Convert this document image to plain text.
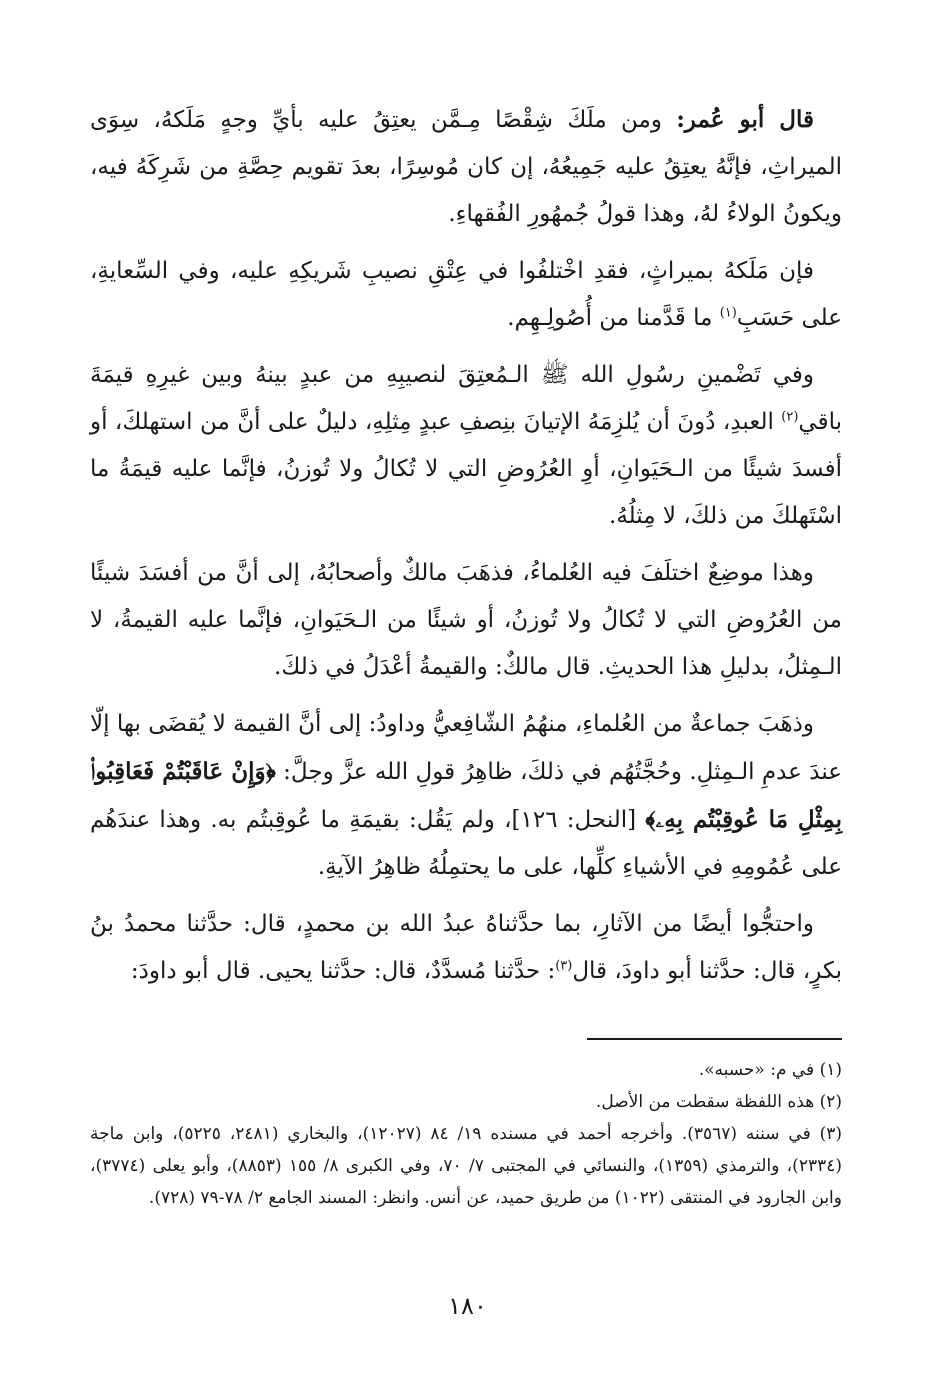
قال أبو عُمر: ومن ملَكَ شِقْصًا مِـمَّن يعتِقُ عليه بأيِّ وجهٍ مَلَكهُ، سِوَى الميراثِ، فإنَّهُ يعتِقُ عليه جَمِيعُهُ، إن كان مُوسِرًا، بعدَ تقويم حِصَّةِ من شَرِكَهُ فيه، ويكونُ الولاءُ لهُ، وهذا قولُ جُمهُورِ الفُقهاءِ.

فإن مَلَكهُ بميراثٍ، فقدِ اخْتلفُوا في عِتْقِ نصيبِ شَريكِهِ عليه، وفي السِّعايةِ، على حَسَبِ$^{(١)}$ ما قَدَّمنا من أُصُولِـهِم.

وفي تَضْمينِ رسُولِ الله ﷺ الـمُعتِقَ لنصيبِهِ من عبدٍ بينهُ وبين غيرِهِ قيمَةَ باقي$^{(٢)}$ العبدِ، دُونَ أن يُلزِمَهُ الإتيانَ بنِصفِ عبدٍ مِثلِهِ، دليلٌ على أنَّ من استهلكَ، أو أفسدَ شيئًا من الـحَيَوانِ، أوِ العُرُوضِ التي لا تُكالُ ولا تُوزنُ، فإنَّما عليه قيمَةُ ما اسْتَهلكَ من ذلكَ، لا مِثلُهُ.

وهذا موضِعٌ اختلَفَ فيه العُلماءُ، فذهَبَ مالكٌ وأصحابُهُ، إلى أنَّ من أفسَدَ شيئًا من العُرُوضِ التي لا تُكالُ ولا تُوزنُ، أو شيئًا من الـحَيَوانِ، فإنَّما عليه القيمةُ، لا الـمِثلُ، بدليلِ هذا الحديثِ. قال مالكٌ: والقيمةُ أعْدَلُ في ذلكَ.

وذهَبَ جماعةٌ من العُلماءِ، منهُمُ الشّافِعيُّ وداودُ: إلى أنَّ القيمة لا يُقضَى بها إلّا عندَ عدمِ الـمِثلِ. وحُجَّتُهُم في ذلكَ، ظاهِرُ قولِ الله عزَّ وجلَّ: ﴿وَإِنْ عَاقَبْتُمْ فَعَاقِبُوا۟ بِمِثْلِ مَا عُوقِبْتُم بِهِۦ﴾ [النحل: ١٢٦]، ولم يَقُل: بقيمَةِ ما عُوقِبتُم به. وهذا عندَهُم على عُمُومِهِ في الأشياءِ كلِّها، على ما يحتمِلُهُ ظاهِرُ الآيةِ.

واحتجُّوا أيضًا من الآثارِ، بما حدَّثناهُ عبدُ الله بن محمدٍ، قال: حدَّثنا محمدُ بنُ بكرٍ، قال: حدَّثنا أبو داودَ، قال$^{(٣)}$: حدَّثنا مُسدَّدٌ، قال: حدَّثنا يحيى. قال أبو داودَ:

(١) في م: «حسبه».

(٢) هذه اللفظة سقطت من الأصل.

(٣) في سننه (٣٥٦٧). وأخرجه أحمد في مسنده ١٩/ ٨٤ (١٢٠٢٧)، والبخاري (٢٤٨١، ٥٢٢٥)، وابن ماجة (٢٣٣٤)، والترمذي (١٣٥٩)، والنسائي في المجتبى ٧/ ٧٠، وفي الكبرى ٨/ ١٥٥ (٨٨٥٣)، وأبو يعلى (٣٧٧٤)، وابن الجارود في المنتقى (١٠٢٢) من طريق حميد، عن أنس. وانظر: المسند الجامع ٢/ ٧٨-٧٩ (٧٢٨).

١٨٠
